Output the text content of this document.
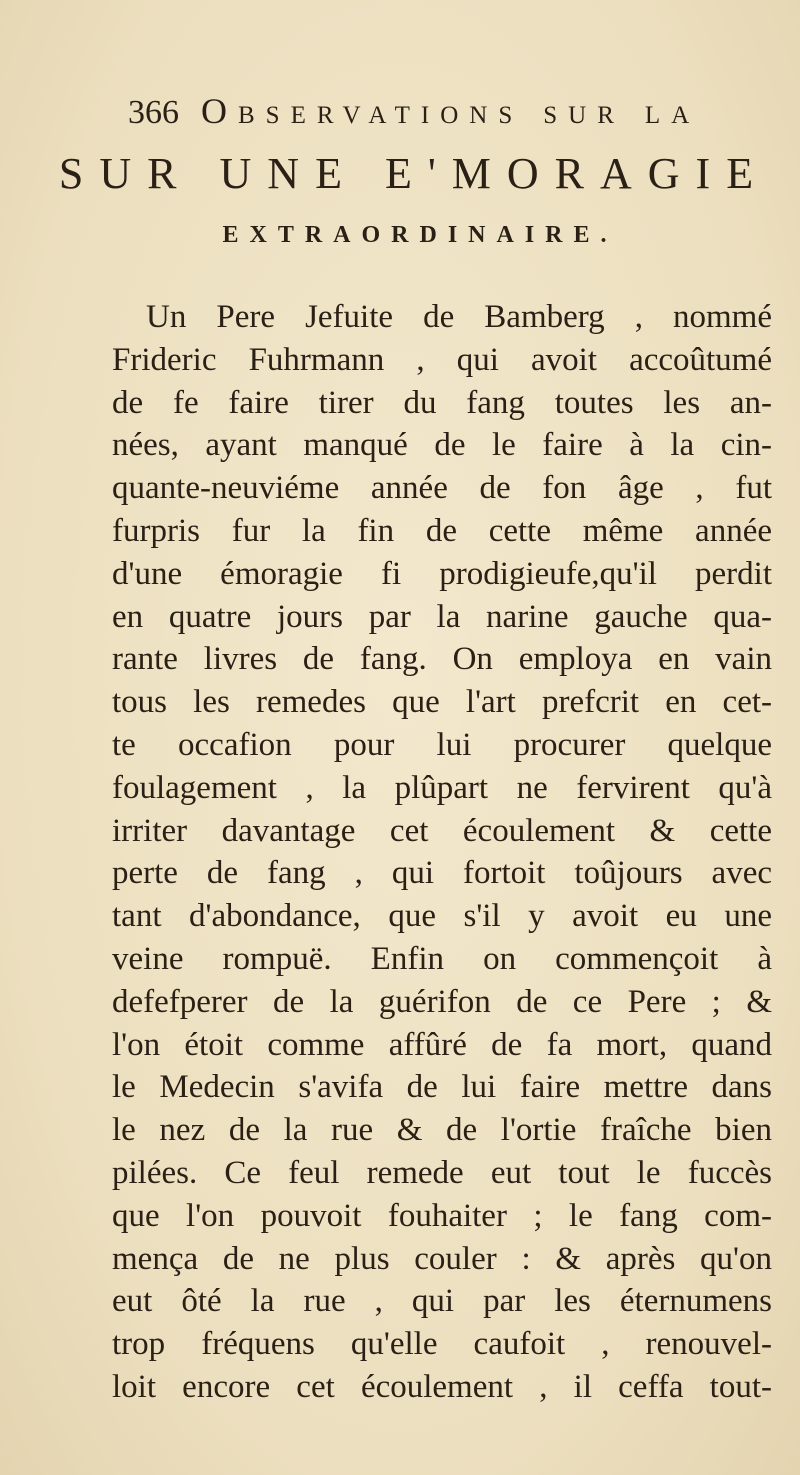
366 Observations sur la
SUR UNE E'MORAGIE
EXTRAORDINAIRE.
Un Pere Jefuite de Bamberg , nommé
Frideric Fuhrmann , qui avoit accoûtumé
de fe faire tirer du fang toutes les an-
nées, ayant manqué de le faire à la cin-
quante-neuviéme année de fon âge , fut
furpris fur la fin de cette même année
d'une émoragie fi prodigieufe,qu'il perdit
en quatre jours par la narine gauche qua-
rante livres de fang. On employa en vain
tous les remedes que l'art prefcrit en cet-
te occafion pour lui procurer quelque
foulagement , la plûpart ne fervirent qu'à
irriter davantage cet écoulement & cette
perte de fang , qui fortoit toûjours avec
tant d'abondance, que s'il y avoit eu une
veine rompuë. Enfin on commençoit à
defefperer de la guérifon de ce Pere ; &
l'on étoit comme affûré de fa mort, quand
le Medecin s'avifa de lui faire mettre dans
le nez de la rue & de l'ortie fraîche bien
pilées. Ce feul remede eut tout le fuccès
que l'on pouvoit fouhaiter ; le fang com-
mença de ne plus couler : & après qu'on
eut ôté la rue , qui par les éternumens
trop fréquens qu'elle caufoit , renouvel-
loit encore cet écoulement , il ceffa tout-
